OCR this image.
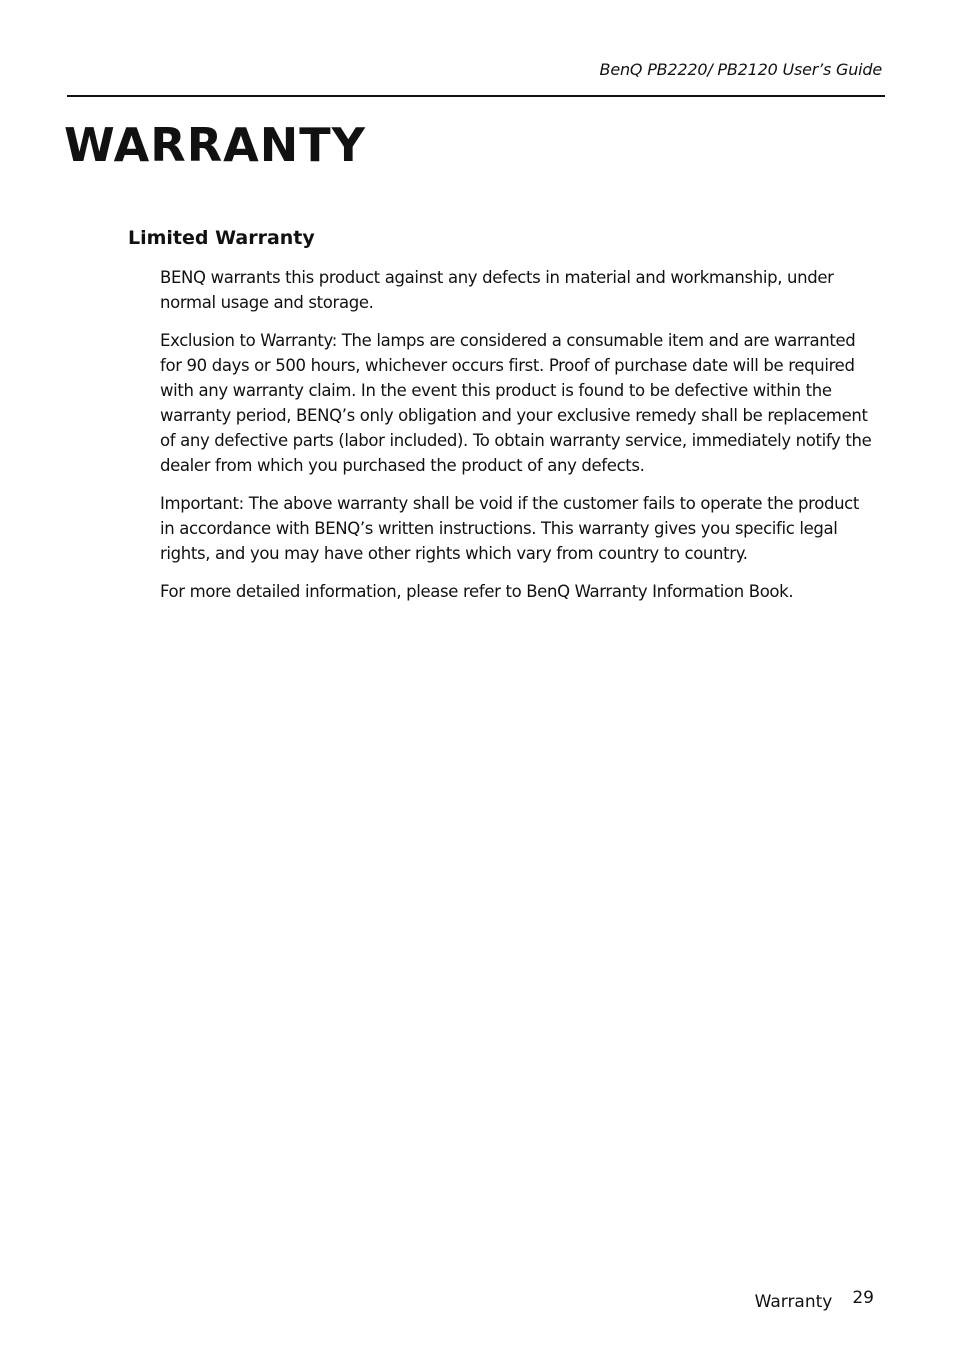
BenQ PB2220/ PB2120 User’s Guide
WARRANTY
Limited Warranty

BENQ warrants this product against any defects in material and workmanship, under normal usage and storage.

Exclusion to Warranty: The lamps are considered a consumable item and are warranted for 90 days or 500 hours, whichever occurs first. Proof of purchase date will be required with any warranty claim. In the event this product is found to be defective within the warranty period, BENQ’s only obligation and your exclusive remedy shall be replacement of any defective parts (labor included). To obtain warranty service, immediately notify the dealer from which you purchased the product of any defects.

Important: The above warranty shall be void if the customer fails to operate the product in accordance with BENQ’s written instructions. This warranty gives you specific legal rights, and you may have other rights which vary from country to country.

For more detailed information, please refer to BenQ Warranty Information Book.

Warranty 29
